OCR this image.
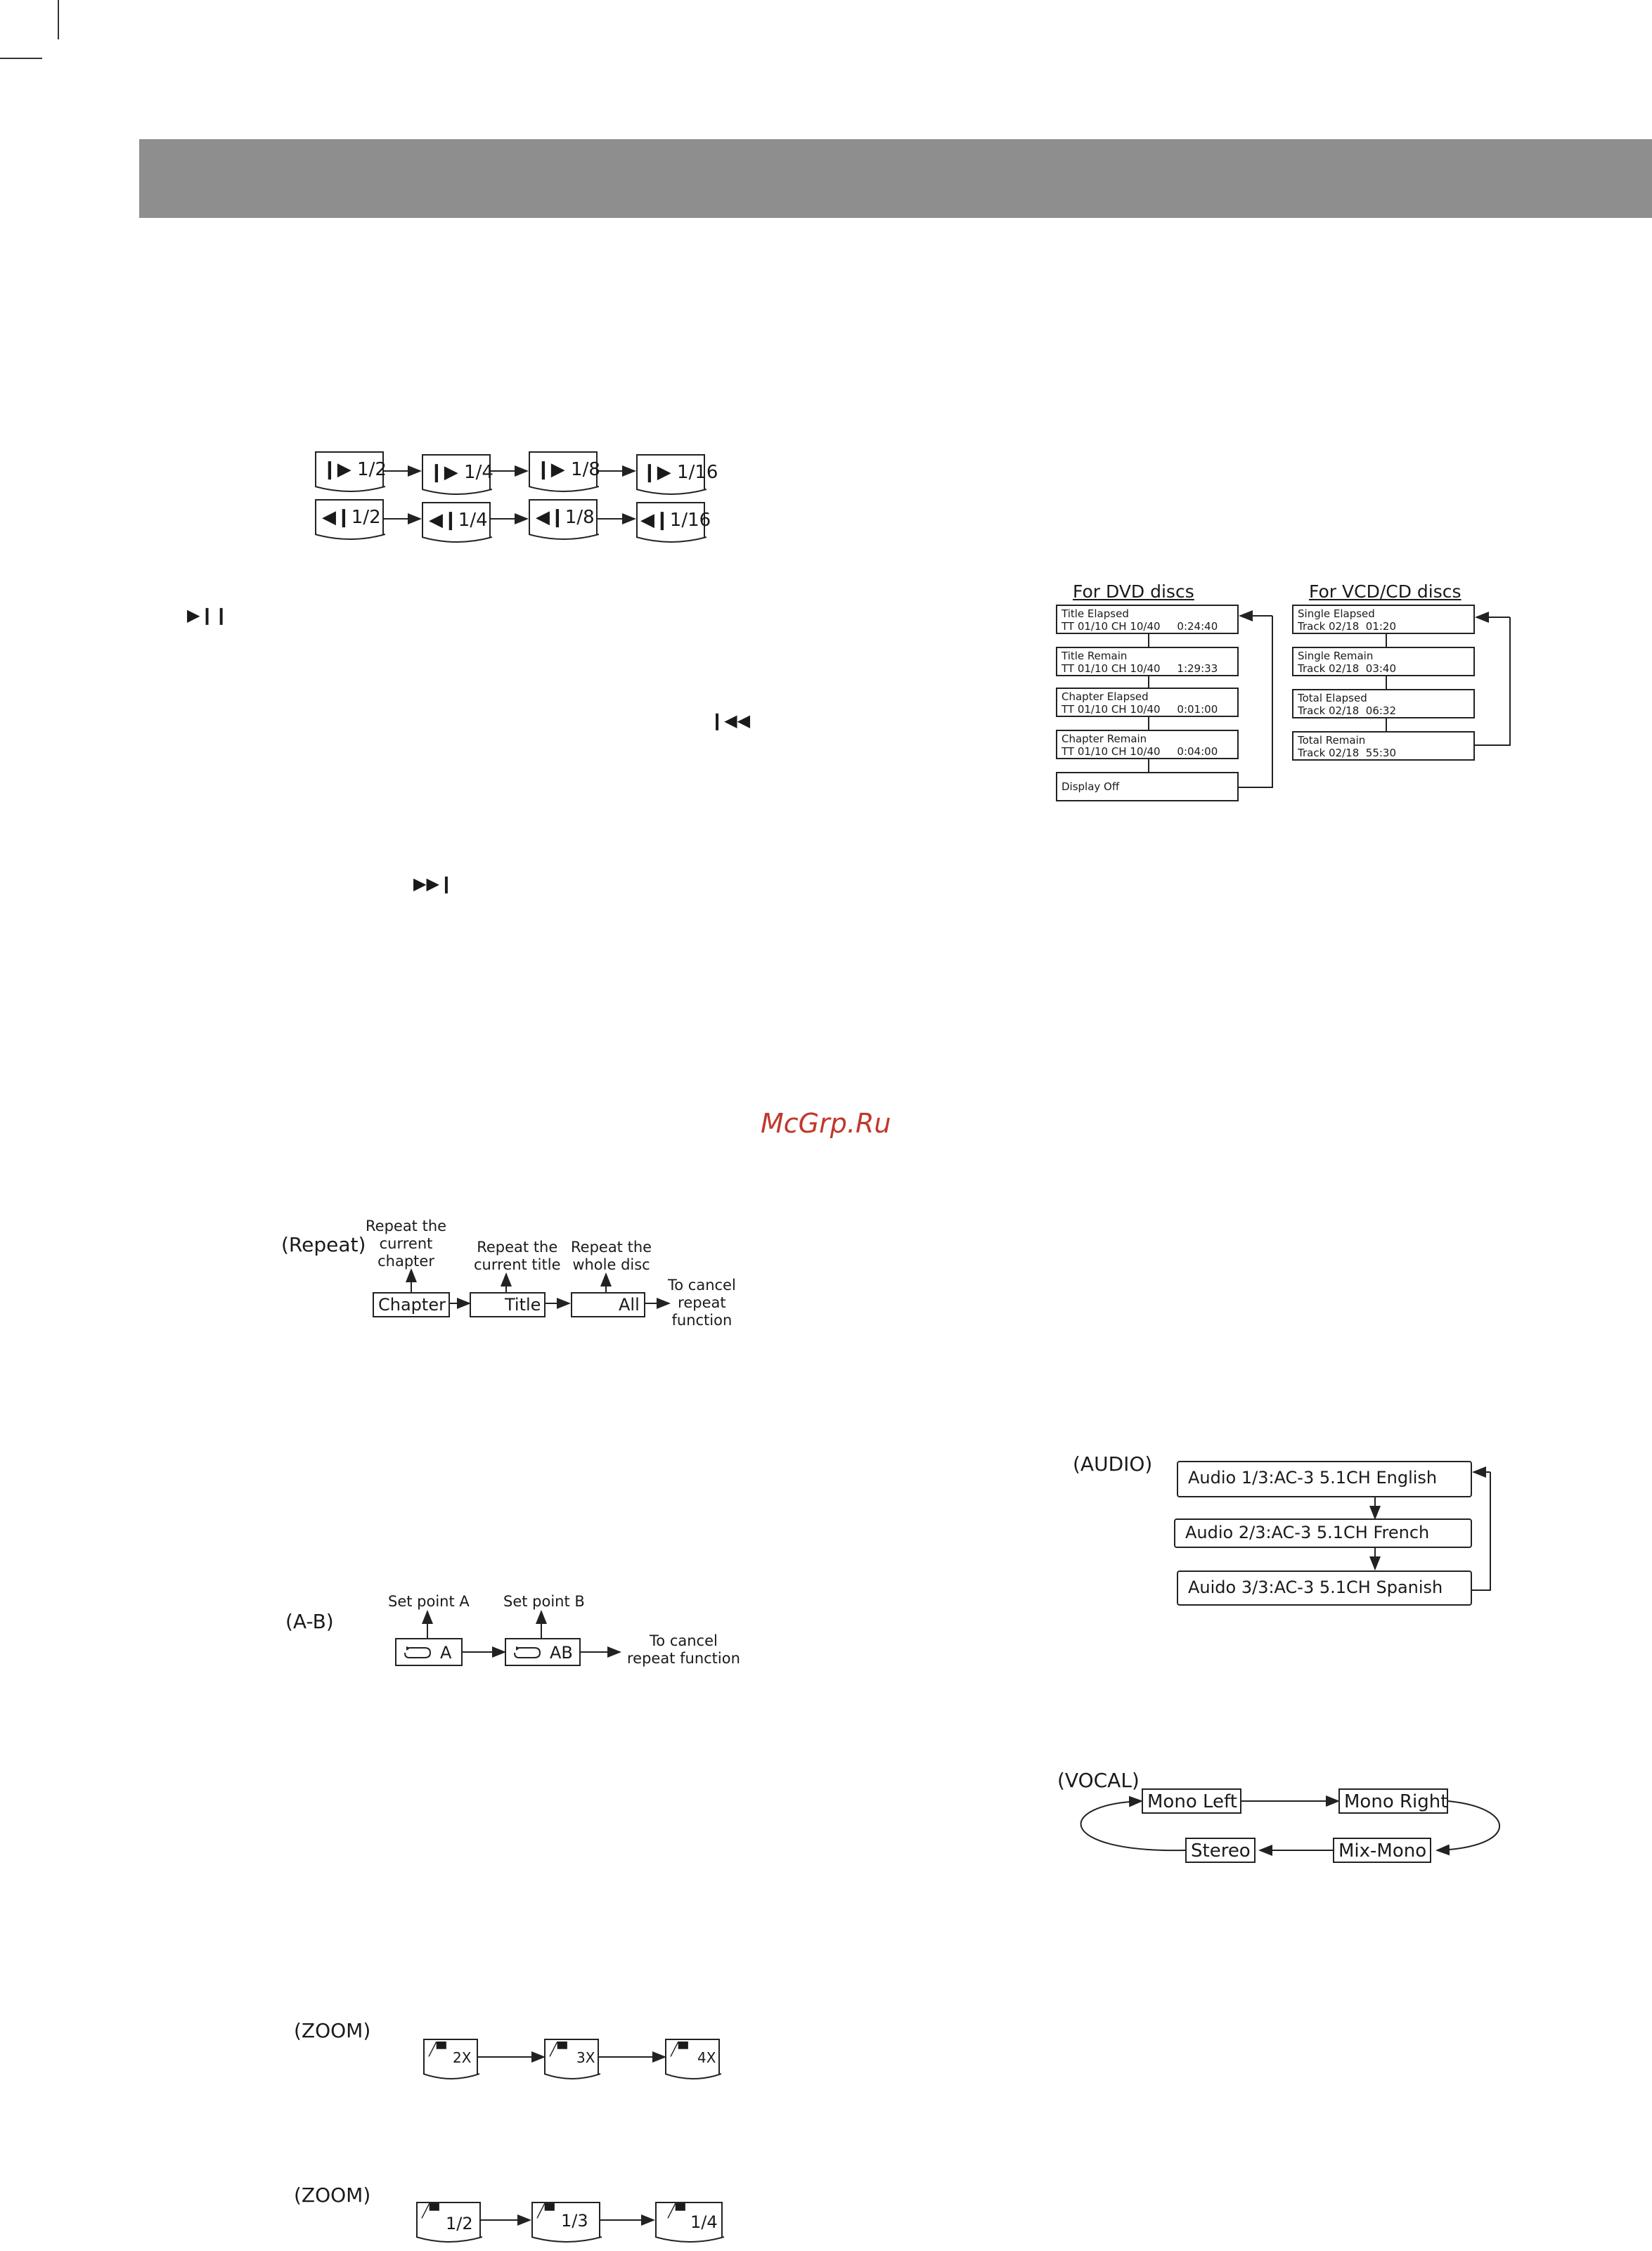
❙▶ 1/2 ❙▶ 1/4 ❙▶ 1/8 ❙▶ 1/16
◀❙1/2	◀❙1/4	◀❙1/8	◀❙1/16
▶❙❙
❙◀◀
▶▶❙
McGrp.Ru
For DVD discs	For VCD/CD discs
Title Elapsed
TT 01/10 CH 10/40     0:24:40
Title Remain
TT 01/10 CH 10/40     1:29:33
Chapter Elapsed
TT 01/10 CH 10/40     0:01:00
Chapter Remain
TT 01/10 CH 10/40     0:04:00
Display Off
Single Elapsed
Track 02/18  01:20
Single Remain
Track 02/18  03:40
Total Elapsed
Track 02/18  06:32
Total Remain
Track 02/18  55:30
(Repeat)
Repeat the
current
chapter
Repeat the
current title
Repeat the
whole disc
To cancel
repeat
function
Chapter	Title	All
(A-B)
Set point A Set point B
To cancel
repeat function
A	AB
(AUDIO)
Audio 1/3:AC-3 5.1CH English
Audio 2/3:AC-3 5.1CH French
Auido 3/3:AC-3 5.1CH Spanish
(VOCAL)
Mono Left	Mono Right
Mix-Mono
Stereo
(ZOOM)
╱▀ 2X	╱▀ 3X	╱▀ 4X
(ZOOM)
╱▀
1/2
╱▀ 1/3	╱▀
1/4
